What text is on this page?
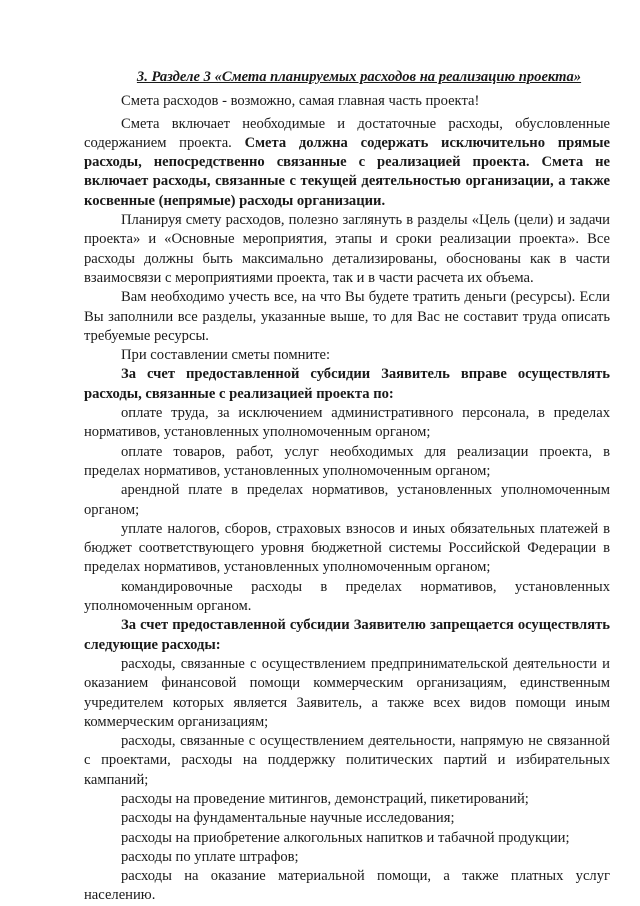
3. Разделе 3 «Смета планируемых расходов на реализацию проекта»

Смета расходов - возможно, самая главная часть проекта!

Смета включает необходимые и достаточные расходы, обусловленные содержанием проекта. Смета должна содержать исключительно прямые расходы, непосредственно связанные с реализацией проекта. Смета не включает расходы, связанные с текущей деятельностью организации, а также косвенные (непрямые) расходы организации.

Планируя смету расходов, полезно заглянуть в разделы «Цель (цели) и задачи проекта» и «Основные мероприятия, этапы и сроки реализации проекта». Все расходы должны быть максимально детализированы, обоснованы как в части взаимосвязи с мероприятиями проекта, так и в части расчета их объема.

Вам необходимо учесть все, на что Вы будете тратить деньги (ресурсы). Если Вы заполнили все разделы, указанные выше, то для Вас не составит труда описать требуемые ресурсы.

При составлении сметы помните:

За счет предоставленной субсидии Заявитель вправе осуществлять расходы, связанные с реализацией проекта по:

оплате труда, за исключением административного персонала, в пределах нормативов, установленных уполномоченным органом;

оплате товаров, работ, услуг необходимых для реализации проекта, в пределах нормативов, установленных уполномоченным органом;

арендной плате в пределах нормативов, установленных уполномоченным органом;

уплате налогов, сборов, страховых взносов и иных обязательных платежей в бюджет соответствующего уровня бюджетной системы Российской Федерации в пределах нормативов, установленных уполномоченным органом;

командировочные расходы в пределах нормативов, установленных уполномоченным органом.

За счет предоставленной субсидии Заявителю запрещается осуществлять следующие расходы:

расходы, связанные с осуществлением предпринимательской деятельности и оказанием финансовой помощи коммерческим организациям, единственным учредителем которых является Заявитель, а также всех видов помощи иным коммерческим организациям;

расходы, связанные с осуществлением деятельности, напрямую не связанной с проектами, расходы на поддержку политических партий и избирательных кампаний;

расходы на проведение митингов, демонстраций, пикетирований;

расходы на фундаментальные научные исследования;

расходы на приобретение алкогольных напитков и табачной продукции;

расходы по уплате штрафов;

расходы на оказание материальной помощи, а также платных услуг населению.
